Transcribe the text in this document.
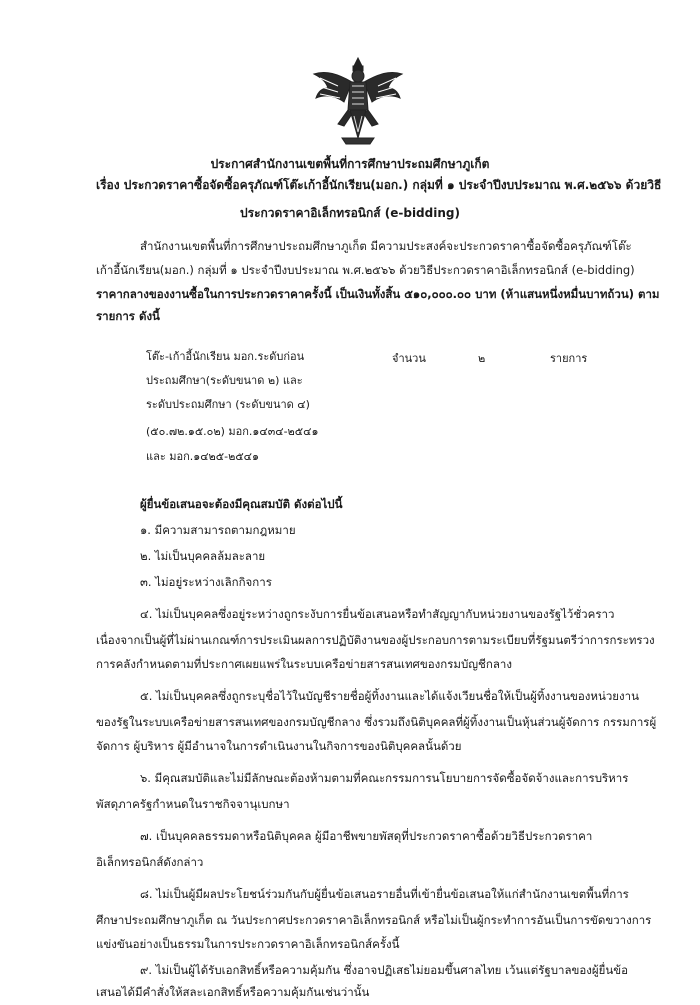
ประกาศสำนักงานเขตพื้นที่การศึกษาประถมศึกษาภูเก็ต
เรื่อง ประกวดราคาซื้อจัดซื้อครุภัณฑ์โต๊ะเก้าอี้นักเรียน(มอก.) กลุ่มที่ ๑ ประจำปีงบประมาณ พ.ศ.๒๕๖๖ ด้วยวิธี
ประกวดราคาอิเล็กทรอนิกส์ (e-bidding)
สำนักงานเขตพื้นที่การศึกษาประถมศึกษาภูเก็ต มีความประสงค์จะประกวดราคาซื้อจัดซื้อครุภัณฑ์โต๊ะ
เก้าอี้นักเรียน(มอก.) กลุ่มที่ ๑ ประจำปีงบประมาณ พ.ศ.๒๕๖๖ ด้วยวิธีประกวดราคาอิเล็กทรอนิกส์ (e-bidding)
ราคากลางของงานซื้อในการประกวดราคาครั้งนี้ เป็นเงินทั้งสิ้น ๕๑๐,๐๐๐.๐๐ บาท (ห้าแสนหนึ่งหมื่นบาทถ้วน) ตาม
รายการ ดังนี้
โต๊ะ-เก้าอี้นักเรียน มอก.ระดับก่อน
ประถมศึกษา(ระดับขนาด ๒) และ
ระดับประถมศึกษา (ระดับขนาด ๔)
(๕๐.๗๒.๑๕.๐๒) มอก.๑๔๓๔-๒๕๔๑
และ มอก.๑๔๒๕-๒๕๔๑
จำนวน	๒	รายการ
ผู้ยื่นข้อเสนอจะต้องมีคุณสมบัติ ดังต่อไปนี้
๑. มีความสามารถตามกฎหมาย
๒. ไม่เป็นบุคคลล้มละลาย
๓. ไม่อยู่ระหว่างเลิกกิจการ
๔. ไม่เป็นบุคคลซึ่งอยู่ระหว่างถูกระงับการยื่นข้อเสนอหรือทำสัญญากับหน่วยงานของรัฐไว้ชั่วคราว
เนื่องจากเป็นผู้ที่ไม่ผ่านเกณฑ์การประเมินผลการปฏิบัติงานของผู้ประกอบการตามระเบียบที่รัฐมนตรีว่าการกระทรวง
การคลังกำหนดตามที่ประกาศเผยแพร่ในระบบเครือข่ายสารสนเทศของกรมบัญชีกลาง
๕. ไม่เป็นบุคคลซึ่งถูกระบุชื่อไว้ในบัญชีรายชื่อผู้ทิ้งงานและได้แจ้งเวียนชื่อให้เป็นผู้ทิ้งงานของหน่วยงาน
ของรัฐในระบบเครือข่ายสารสนเทศของกรมบัญชีกลาง ซึ่งรวมถึงนิติบุคคลที่ผู้ทิ้งงานเป็นหุ้นส่วนผู้จัดการ กรรมการผู้
จัดการ ผู้บริหาร ผู้มีอำนาจในการดำเนินงานในกิจการของนิติบุคคลนั้นด้วย
๖. มีคุณสมบัติและไม่มีลักษณะต้องห้ามตามที่คณะกรรมการนโยบายการจัดซื้อจัดจ้างและการบริหาร
พัสดุภาครัฐกำหนดในราชกิจจานุเบกษา
๗. เป็นบุคคลธรรมดาหรือนิติบุคคล ผู้มีอาชีพขายพัสดุที่ประกวดราคาซื้อด้วยวิธีประกวดราคา
อิเล็กทรอนิกส์ดังกล่าว
๘. ไม่เป็นผู้มีผลประโยชน์ร่วมกันกับผู้ยื่นข้อเสนอรายอื่นที่เข้ายื่นข้อเสนอให้แก่สำนักงานเขตพื้นที่การ
ศึกษาประถมศึกษาภูเก็ต ณ วันประกาศประกวดราคาอิเล็กทรอนิกส์ หรือไม่เป็นผู้กระทำการอันเป็นการขัดขวางการ
แข่งขันอย่างเป็นธรรมในการประกวดราคาอิเล็กทรอนิกส์ครั้งนี้
๙. ไม่เป็นผู้ได้รับเอกสิทธิ์หรือความคุ้มกัน ซึ่งอาจปฏิเสธไม่ยอมขึ้นศาลไทย เว้นแต่รัฐบาลของผู้ยื่นข้อ
เสนอได้มีคำสั่งให้สละเอกสิทธิ์หรือความคุ้มกันเช่นว่านั้น
